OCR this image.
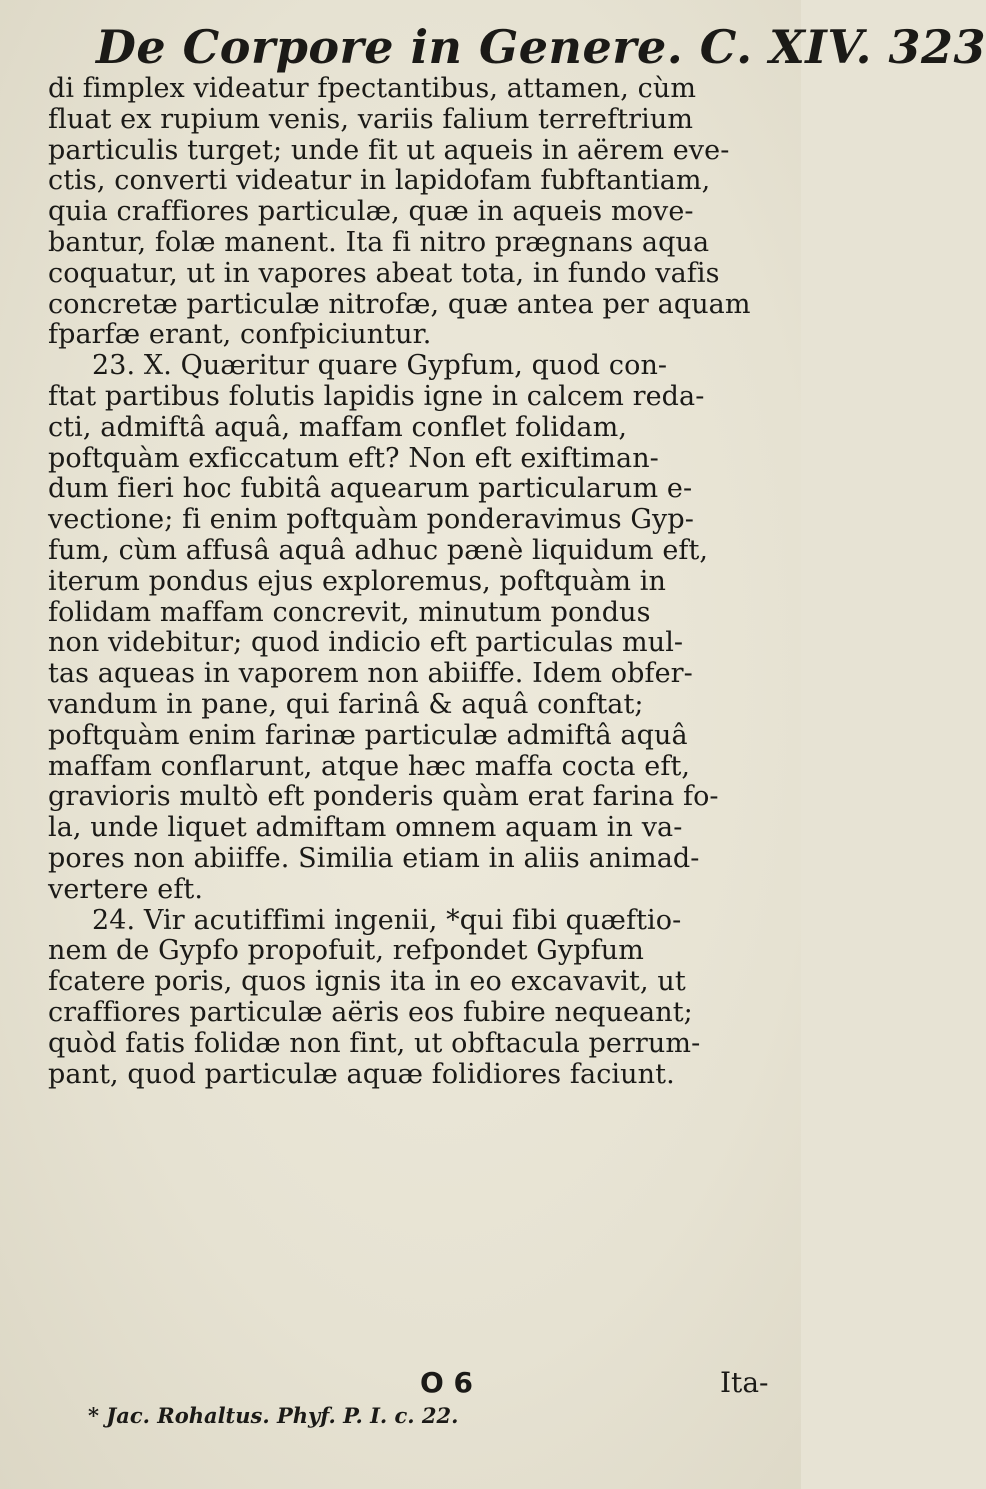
De Corpore in Genere. C. XIV. 323
di fimplex videatur fpectantibus, attamen, cùm
fluat ex rupium venis, variis falium terreftrium
particulis turget; unde fit ut aqueis in aërem eve-
ctis, converti videatur in lapidofam fubftantiam,
quia craffiores particulæ, quæ in aqueis move-
bantur, folæ manent. Ita fi nitro prægnans aqua
coquatur, ut in vapores abeat tota, in fundo vafis
concretæ particulæ nitrofæ, quæ antea per aquam
fparfæ erant, confpiciuntur.
23. X. Quæritur quare Gypfum, quod con-
ftat partibus folutis lapidis igne in calcem reda-
cti, admiftâ aquâ, maffam conflet folidam,
poftquàm exficcatum eft? Non eft exiftiman-
dum fieri hoc fubitâ aquearum particularum e-
vectione; fi enim poftquàm ponderavimus Gyp-
fum, cùm affusâ aquâ adhuc pænè liquidum eft,
iterum pondus ejus exploremus, poftquàm in
folidam maffam concrevit, minutum pondus
non videbitur; quod indicio eft particulas mul-
tas aqueas in vaporem non abiiffe. Idem obfer-
vandum in pane, qui farinâ & aquâ conftat;
poftquàm enim farinæ particulæ admiftâ aquâ
maffam conflarunt, atque hæc maffa cocta eft,
gravioris multò eft ponderis quàm erat farina fo-
la, unde liquet admiftam omnem aquam in va-
pores non abiiffe. Similia etiam in aliis animad-
vertere eft.
24. Vir acutiffimi ingenii, *qui fibi quæftio-
nem de Gypfo propofuit, refpondet Gypfum
fcatere poris, quos ignis ita in eo excavavit, ut
craffiores particulæ aëris eos fubire nequeant;
quòd fatis folidæ non fint, ut obftacula perrum-
pant, quod particulæ aquæ folidiores faciunt.
O 6	Ita-
* Jac. Rohaltus. Phyf. P. I. c. 22.
